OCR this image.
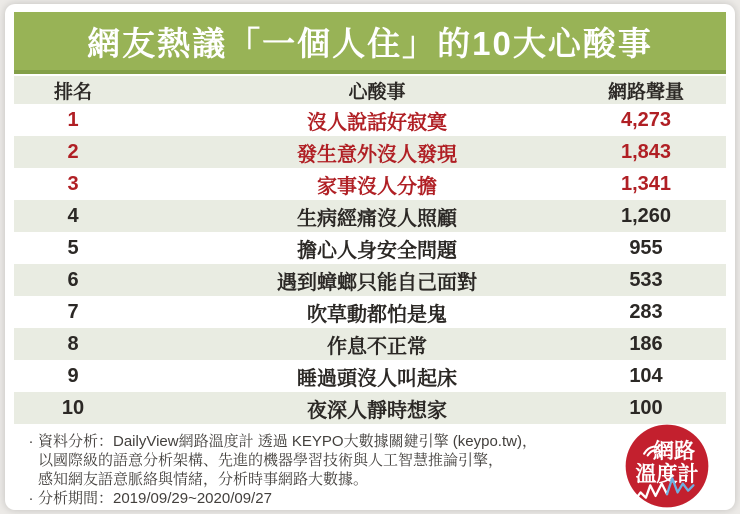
網友熱議「一個人住」的10大心酸事
排名	心酸事	網路聲量
1	沒人說話好寂寞	4,273
2	發生意外沒人發現	1,843
3	家事沒人分擔	1,341
4	生病經痛沒人照顧	1,260
5	擔心人身安全問題	955
6	遇到蟑螂只能自己面對	533
7	吹草動都怕是鬼	283
8	作息不正常	186
9	睡過頭沒人叫起床	104
10	夜深人靜時想家	100
· 資料分析：DailyView網路溫度計 透過 KEYPO大數據關鍵引擎 (keypo.tw)，
以國際級的語意分析架構、先進的機器學習技術與人工智慧推論引擎，
感知網友語意脈絡與情緒，分析時事網路大數據。
· 分析期間：2019/09/29~2020/09/27
網路
溫度計
